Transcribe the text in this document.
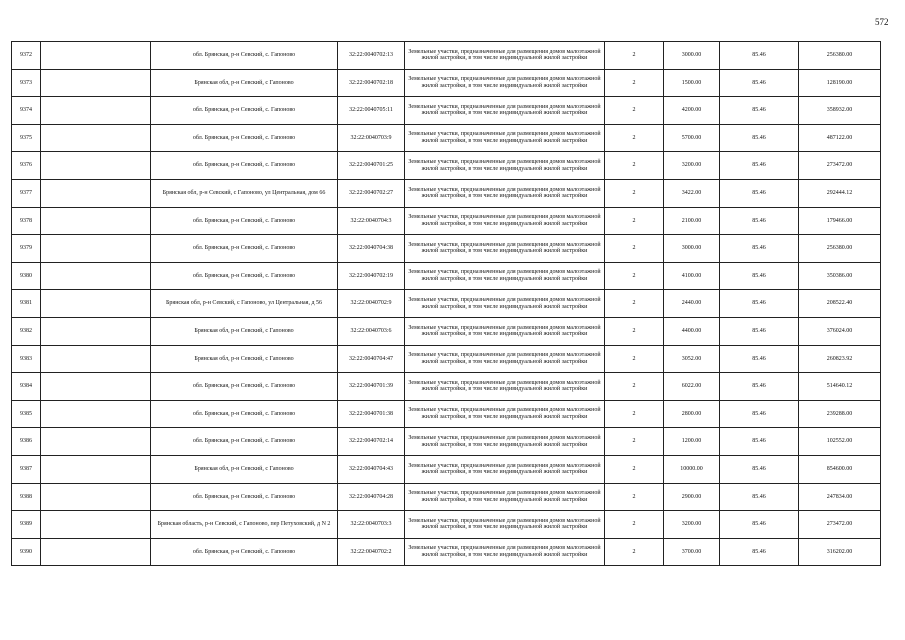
572
9372		обл. Брянская, р-н Севский, с. Гапоново	32:22:0040702:13	Земельные участки, предназначенные для размещения домов малоэтажной жилой застройки, в том числе индивидуальной жилой застройки	2	3000.00	85.46	256380.00
9373		Брянская обл, р-н Севский, с Гапоново	32:22:0040702:18	Земельные участки, предназначенные для размещения домов малоэтажной жилой застройки, в том числе индивидуальной жилой застройки	2	1500.00	85.46	128190.00
9374		обл. Брянская, р-н Севский, с. Гапоново	32:22:0040705:11	Земельные участки, предназначенные для размещения домов малоэтажной жилой застройки, в том числе индивидуальной жилой застройки	2	4200.00	85.46	358932.00
9375		обл. Брянская, р-н Севский, с. Гапоново	32:22:0040703:9	Земельные участки, предназначенные для размещения домов малоэтажной жилой застройки, в том числе индивидуальной жилой застройки	2	5700.00	85.46	487122.00
9376		обл. Брянская, р-н Севский, с. Гапоново	32:22:0040701:25	Земельные участки, предназначенные для размещения домов малоэтажной жилой застройки, в том числе индивидуальной жилой застройки	2	3200.00	85.46	273472.00
9377		Брянская обл, р-н Севский, с Гапоново, ул Центральная, дом 66	32:22:0040702:27	Земельные участки, предназначенные для размещения домов малоэтажной жилой застройки, в том числе индивидуальной жилой застройки	2	3422.00	85.46	292444.12
9378		обл. Брянская, р-н Севский, с. Гапоново	32:22:0040704:3	Земельные участки, предназначенные для размещения домов малоэтажной жилой застройки, в том числе индивидуальной жилой застройки	2	2100.00	85.46	179466.00
9379		обл. Брянская, р-н Севский, с. Гапоново	32:22:0040704:38	Земельные участки, предназначенные для размещения домов малоэтажной жилой застройки, в том числе индивидуальной жилой застройки	2	3000.00	85.46	256380.00
9380		обл. Брянская, р-н Севский, с. Гапоново	32:22:0040702:19	Земельные участки, предназначенные для размещения домов малоэтажной жилой застройки, в том числе индивидуальной жилой застройки	2	4100.00	85.46	350386.00
9381		Брянская обл, р-н Севский, с Гапоново, ул Центральная, д 56	32:22:0040702:9	Земельные участки, предназначенные для размещения домов малоэтажной жилой застройки, в том числе индивидуальной жилой застройки	2	2440.00	85.46	208522.40
9382		Брянская обл, р-н Севский, с Гапоново	32:22:0040703:6	Земельные участки, предназначенные для размещения домов малоэтажной жилой застройки, в том числе индивидуальной жилой застройки	2	4400.00	85.46	376024.00
9383		Брянская обл, р-н Севский, с Гапоново	32:22:0040704:47	Земельные участки, предназначенные для размещения домов малоэтажной жилой застройки, в том числе индивидуальной жилой застройки	2	3052.00	85.46	260823.92
9384		обл. Брянская, р-н Севский, с. Гапоново	32:22:0040701:39	Земельные участки, предназначенные для размещения домов малоэтажной жилой застройки, в том числе индивидуальной жилой застройки	2	6022.00	85.46	514640.12
9385		обл. Брянская, р-н Севский, с. Гапоново	32:22:0040701:38	Земельные участки, предназначенные для размещения домов малоэтажной жилой застройки, в том числе индивидуальной жилой застройки	2	2800.00	85.46	239288.00
9386		обл. Брянская, р-н Севский, с. Гапоново	32:22:0040702:14	Земельные участки, предназначенные для размещения домов малоэтажной жилой застройки, в том числе индивидуальной жилой застройки	2	1200.00	85.46	102552.00
9387		Брянская обл, р-н Севский, с Гапоново	32:22:0040704:43	Земельные участки, предназначенные для размещения домов малоэтажной жилой застройки, в том числе индивидуальной жилой застройки	2	10000.00	85.46	854600.00
9388		обл. Брянская, р-н Севский, с. Гапоново	32:22:0040704:28	Земельные участки, предназначенные для размещения домов малоэтажной жилой застройки, в том числе индивидуальной жилой застройки	2	2900.00	85.46	247834.00
9389		Брянская область, р-н Севский, с Гапоново, пер Петуховский, д N 2	32:22:0040703:3	Земельные участки, предназначенные для размещения домов малоэтажной жилой застройки, в том числе индивидуальной жилой застройки	2	3200.00	85.46	273472.00
9390		обл. Брянская, р-н Севский, с. Гапоново	32:22:0040702:2	Земельные участки, предназначенные для размещения домов малоэтажной жилой застройки, в том числе индивидуальной жилой застройки	2	3700.00	85.46	316202.00
